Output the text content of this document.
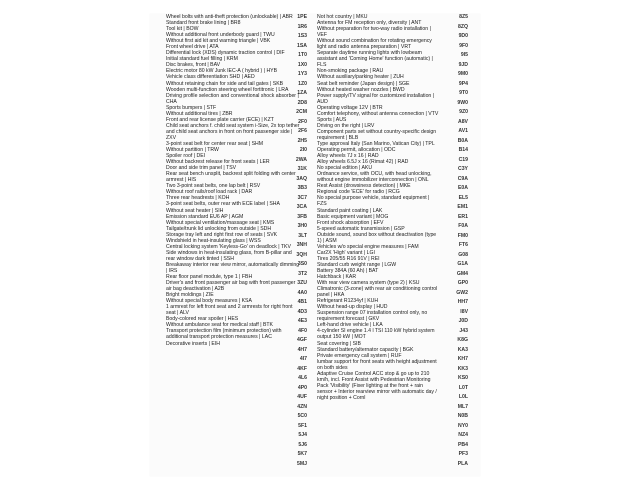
Wheel bolts with anti-theft protection (unlockable) | ABR
Standard front brake lining | BR8
Tool kit | BOW
Without additional front underbody guard | TWU
Without first aid kit and warning triangle | VBK
Front wheel drive | ATA
Differential lock (XDS) dynamic traction control | DIF
Initial standard fuel filling | KRM
Disc brakes, front | BAV
Electric motor 80 kW Junk IEC-A ( hybrid ) | HYB
Vehicle class differentiation SHD | AED
Without retaining chain for side and tail gates | SKB
Wooden multi-function steering wheel fortitronic | LRA
Driving profile selection and conventional shock absorber | CHA
Sports bumpers | STF
Without additional tires | ZBR
Front and rear license plate carrier (ECE) | KZT
Child seat anchors f. child seat system i-Size, 2x top tether and child seat anchors in front on front passenger side | ZXV
3-point seat belt for center rear seat | SHM
Without partition | TRW
Spoiler roof | DEI
Without backrest release for front seats | LER
Door and side trim panel | TSV
Rear seat bench unsplit, backrest split folding with center armrest | HIS
Two 3-point seat belts, one lap belt | RSV
Without roof rails/roof load rack | DAR
Three rear headrests | KOH
3-point seat belts, outer rear with ECE label | SHA
Without seat heater | SIH
Emission standard EU6 AP | AGM
Without special ventilation/massage seat | KMS
Tailgate/trunk lid unlocking from outside | SDH
Storage tray left and right first row of seats | SVK
Windshield in heat-insulating glass | WSS
Central locking system 'Keyless-Go' on deadlock | TKV
Side windows in heat-insulating glass, from B-pillar and rear window dark tinted | SSH
Breakaway interior rear view mirror, automatically dimming | IRS
Rear floor panel module, type 1 | FBH
Driver's and front passenger air bag with front passenger air bag deactivation | A2B
Bright moldings | ZIE
Without special body measures | KSA
1 armrest for left front seat and 2 armrests for right front seat | ALV
Body-colored rear spoiler | HES
Without ambulance seat for medical staff | BTK
Transport protection film (minimum protection) with additional transport protection measures | LAC
Decorative inserts | EIH
1PE
1R6
1S3
1SA
1T0
1X0
1Y3
1Z0
1ZA
2D8
2CM
2F0
2F6
2H5
2I0
2WA
31K
3AQ
3B3
3C7
3CA
3FB
3H0
3LT
3NH
3QH
3S0
3T2
3ZU
4A0
4B1
4D3
4E3
4F0
4GF
4H7
4I7
4KF
4L6
4P0
4UF
4ZN
5C0
5F1
5J4
5J6
5K7
5MJ
Not hot country | MKU
Antenna for FM reception only, diversity | ANT
Without preparation for two-way radio installation | VEF
Without sound combination for rotating emergency light and radio antenna preparation | VRT
Separate daytime running lights with lowbeam assistant and 'Coming Home' function (automatic) | FLS
Non-smoking package | RAU
Without auxiliary/parking heater | ZUH
Seat belt reminder (Japan design) | SGE
Without heated washer nozzles | BWD
Power supply/TV signal for customized installation | AUD
Operating voltage 12V | BTR
Comfort telephony, without antenna connection | VTV
Sports | AUS
Driving on the right | LRV
Component parts set without country-specific design requirement | BLB
Type approval Italy (San Marino, Vatican City) | TPL
Operating permit, allocation | ODC
Alloy wheels 7J x 16 | RAD
Alloy wheels 6.5J x 16 (Rimat 42) | RAD
No special edition | AKU
Ordnance service, with OCU, with head unlocking, without engine immobilizer interconnection | ONL
Rest Assist (drowsiness detection) | MKE
Regional code 'ECE' for radio | RCG
No special purpose vehicle, standard equipment | FZS
Standard paint coating | LAK
Basic equipment variant | MOG
Front shock absorption | EFV
5-speed automatic transmission | GSP
Outside sound, sound box without deactivation (type 1) | ASM
Vehicles w/o special engine measures | FAM
Car2X 'High' variant | LGI
Tires 205/55 R16 91V | REI
Standard curb weight range | LGW
Battery 384A (60 Ah) | BAT
Hatchback | KAR
With rear view camera system (type 2) | KSU
Climatronic (3-zone) with rear air conditioning control panel | HKA
Refrigerant R1234yf | KUH
Without head-up display | HUD
Suspension range 07 installation control only, no requirement forecast | GKV
Left-hand drive vehicle | LKA
4-cylinder SI engine 1.4 l TSI 110 kW hybrid system output 150 kW | MOT
Seat covering | SIB
Standard battery/alternator capacity | BGK
Private emergency call system | RUF
lumbar support for front seats with height adjustment on both sides
Adaptive Cruise Control ACC stop & go up to 210 km/h, incl. Front Assist with Pedestrian Monitoring
Pack 'Visibility' (Fixer lighting at the front + rain sensor + Interior rearview mirror with automatic day / night position + Cornl
8Z5
8ZQ
9D0
9F0
9I5
9JD
9M0
9P4
9T0
9W0
9Z0
A8V
AV1
B0A
B14
C19
C3Y
C9A
E0A
EL5
EM1
ER1
F0A
FM0
FT6
G08
G1A
GM4
GP0
GW2
HH7
I8V
J0D
J43
K8G
KA3
KH7
KK3
KS0
L0T
L0L
ML7
N0B
NY0
NZ4
PB4
PF3
PLA
